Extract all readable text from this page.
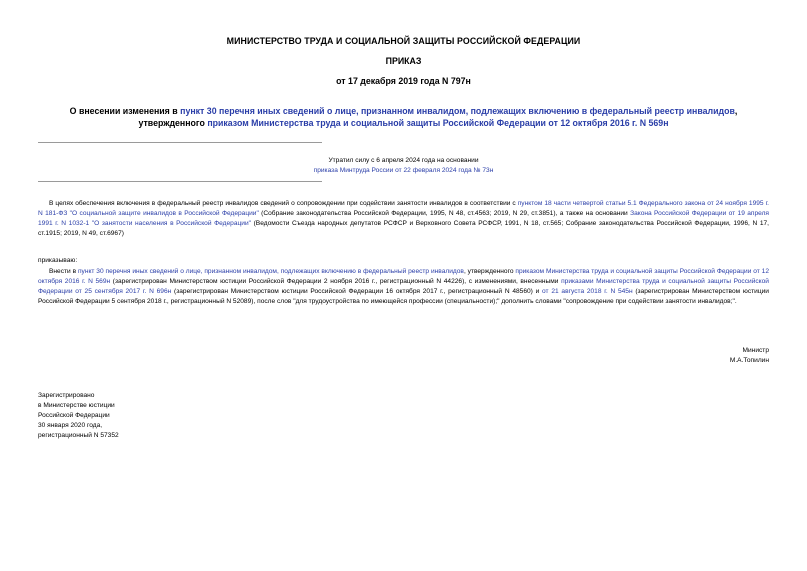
МИНИСТЕРСТВО ТРУДА И СОЦИАЛЬНОЙ ЗАЩИТЫ РОССИЙСКОЙ ФЕДЕРАЦИИ
ПРИКАЗ
от 17 декабря 2019 года N 797н
О внесении изменения в пункт 30 перечня иных сведений о лице, признанном инвалидом, подлежащих включению в федеральный реестр инвалидов, утвержденного приказом Министерства труда и социальной защиты Российской Федерации от 12 октября 2016 г. N 569н
Утратил силу с 6 апреля 2024 года на основании
приказа Минтруда России от 22 февраля 2024 года № 73н
В целях обеспечения включения в федеральный реестр инвалидов сведений о сопровождении при содействии занятости инвалидов в соответствии с пунктом 18 части четвертой статьи 5.1 Федерального закона от 24 ноября 1995 г. N 181-ФЗ "О социальной защите инвалидов в Российской Федерации" (Собрание законодательства Российской Федерации, 1995, N 48, ст.4563; 2019, N 29, ст.3851), а также на основании Закона Российской Федерации от 19 апреля 1991 г. N 1032-1 "О занятости населения в Российской Федерации" (Ведомости Съезда народных депутатов РСФСР и Верховного Совета РСФСР, 1991, N 18, ст.565; Собрание законодательства Российской Федерации, 1996, N 17, ст.1915; 2019, N 49, ст.6967)
приказываю:
Внести в пункт 30 перечня иных сведений о лице, признанном инвалидом, подлежащих включению в федеральный реестр инвалидов, утвержденного приказом Министерства труда и социальной защиты Российской Федерации от 12 октября 2016 г. N 569н (зарегистрирован Министерством юстиции Российской Федерации 2 ноября 2016 г., регистрационный N 44226), с изменениями, внесенными приказами Министерства труда и социальной защиты Российской Федерации от 25 сентября 2017 г. N 696н (зарегистрирован Министерством юстиции Российской Федерации 16 октября 2017 г., регистрационный N 48560) и от 21 августа 2018 г. N 545н (зарегистрирован Министерством юстиции Российской Федерации 5 сентября 2018 г., регистрационный N 52089), после слов "для трудоустройства по имеющейся профессии (специальности);" дополнить словами "сопровождение при содействии занятости инвалидов;".
Министр
М.А.Топилин
Зарегистрировано
в Министерстве юстиции
Российской Федерации
30 января 2020 года,
регистрационный N 57352
